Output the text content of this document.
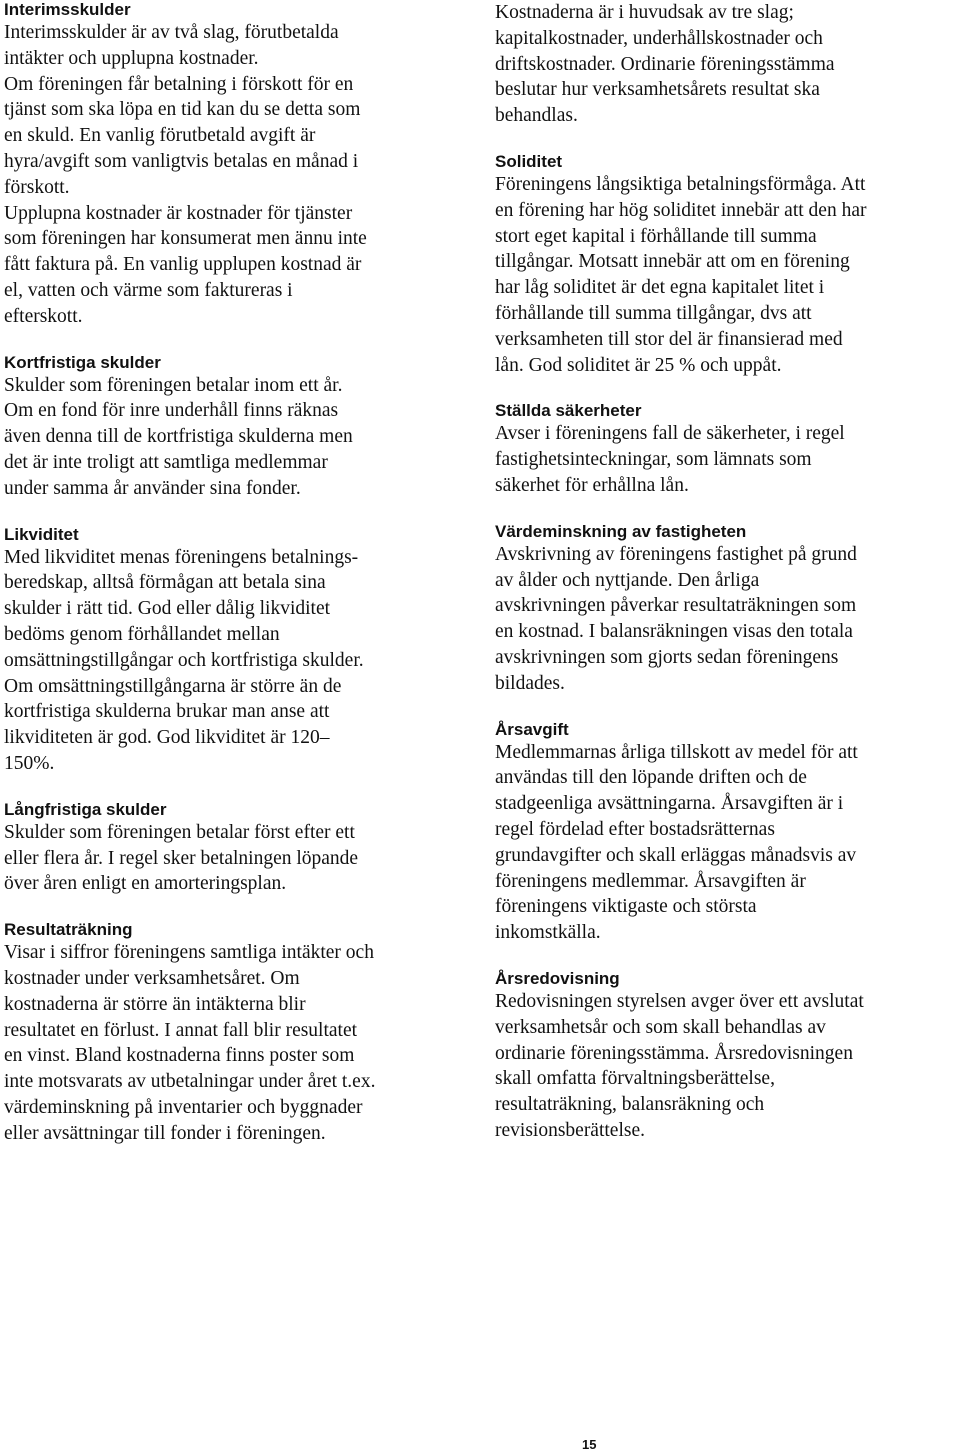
Interimsskulder

Interimsskulder är av två slag, förutbetalda
intäkter och upplupna kostnader.
Om föreningen får betalning i förskott för en
tjänst som ska löpa en tid kan du se detta som
en skuld. En vanlig förutbetald avgift är
hyra/avgift som vanligtvis betalas en månad i
förskott.
Upplupna kostnader är kostnader för tjänster
som föreningen har konsumerat men ännu inte
fått faktura på. En vanlig upplupen kostnad är
el, vatten och värme som faktureras i
efterskott.

Kortfristiga skulder

Skulder som föreningen betalar inom ett år.
Om en fond för inre underhåll finns räknas
även denna till de kortfristiga skulderna men
det är inte troligt att samtliga medlemmar
under samma år använder sina fonder.

Likviditet

Med likviditet menas föreningens betalnings-
beredskap, alltså förmågan att betala sina
skulder i rätt tid. God eller dålig likviditet
bedöms genom förhållandet mellan
omsättningstillgångar och kortfristiga skulder.
Om omsättningstillgångarna är större än de
kortfristiga skulderna brukar man anse att
likviditeten är god. God likviditet är 120–
150%.

Långfristiga skulder

Skulder som föreningen betalar först efter ett
eller flera år. I regel sker betalningen löpande
över åren enligt en amorteringsplan.

Resultaträkning

Visar i siffror föreningens samtliga intäkter och
kostnader under verksamhetsåret. Om
kostnaderna är större än intäkterna blir
resultatet en förlust. I annat fall blir resultatet
en vinst. Bland kostnaderna finns poster som
inte motsvarats av utbetalningar under året t.ex.
värdeminskning på inventarier och byggnader
eller avsättningar till fonder i föreningen.

Kostnaderna är i huvudsak av tre slag;
kapitalkostnader, underhållskostnader och
driftskostnader. Ordinarie föreningsstämma
beslutar hur verksamhetsårets resultat ska
behandlas.

Soliditet

Föreningens långsiktiga betalningsförmåga. Att
en förening har hög soliditet innebär att den har
stort eget kapital i förhållande till summa
tillgångar. Motsatt innebär att om en förening
har låg soliditet är det egna kapitalet litet i
förhållande till summa tillgångar, dvs att
verksamheten till stor del är finansierad med
lån. God soliditet är 25 % och uppåt.

Ställda säkerheter

Avser i föreningens fall de säkerheter, i regel
fastighetsinteckningar, som lämnats som
säkerhet för erhållna lån.

Värdeminskning av fastigheten

Avskrivning av föreningens fastighet på grund
av ålder och nyttjande. Den årliga
avskrivningen påverkar resultaträkningen som
en kostnad. I balansräkningen visas den totala
avskrivningen som gjorts sedan föreningens
bildades.

Årsavgift

Medlemmarnas årliga tillskott av medel för att
användas till den löpande driften och de
stadgeenliga avsättningarna. Årsavgiften är i
regel fördelad efter bostadsrätternas
grundavgifter och skall erläggas månadsvis av
föreningens medlemmar. Årsavgiften är
föreningens viktigaste och största
inkomstkälla.

Årsredovisning

Redovisningen styrelsen avger över ett avslutat
verksamhetsår och som skall behandlas av
ordinarie föreningsstämma. Årsredovisningen
skall omfatta förvaltningsberättelse,
resultaträkning, balansräkning och
revisionsberättelse.

15
